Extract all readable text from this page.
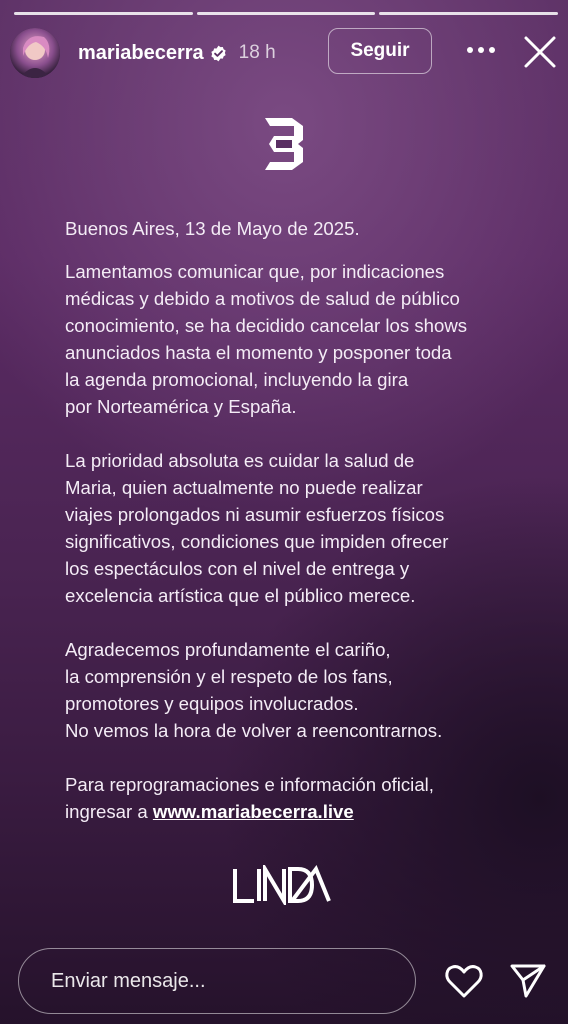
mariabecerra 18 h	Seguir

Buenos Aires, 13 de Mayo de 2025.

Lamentamos comunicar que, por indicaciones
médicas y debido a motivos de salud de público
conocimiento, se ha decidido cancelar los shows
anunciados hasta el momento y posponer toda
la agenda promocional, incluyendo la gira
por Norteamérica y España.

La prioridad absoluta es cuidar la salud de
Maria, quien actualmente no puede realizar
viajes prolongados ni asumir esfuerzos físicos
significativos, condiciones que impiden ofrecer
los espectáculos con el nivel de entrega y
excelencia artística que el público merece.

Agradecemos profundamente el cariño,
la comprensión y el respeto de los fans,
promotores y equipos involucrados.
No vemos la hora de volver a reencontrarnos.

Para reprogramaciones e información oficial,
ingresar a www.mariabecerra.live

Enviar mensaje...
